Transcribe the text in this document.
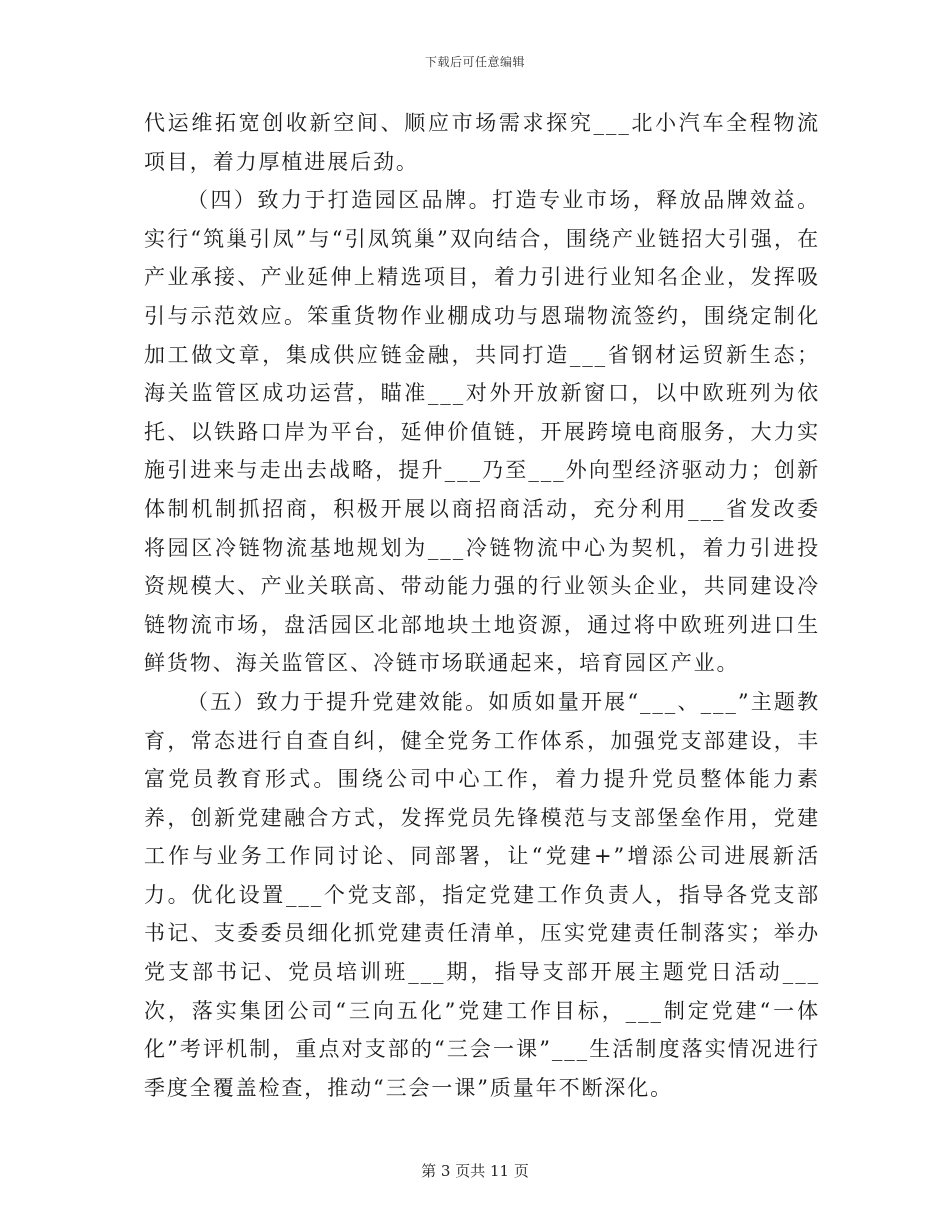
下载后可任意编辑

代运维拓宽创收新空间、顺应市场需求探究___北小汽车全程物流项目，着力厚植进展后劲。

（四）致力于打造园区品牌。打造专业市场，释放品牌效益。实行“筑巢引凤”与“引凤筑巢”双向结合，围绕产业链招大引强，在产业承接、产业延伸上精选项目，着力引进行业知名企业，发挥吸引与示范效应。笨重货物作业棚成功与恩瑞物流签约，围绕定制化加工做文章，集成供应链金融，共同打造___省钢材运贸新生态；海关监管区成功运营，瞄准___对外开放新窗口，以中欧班列为依托、以铁路口岸为平台，延伸价值链，开展跨境电商服务，大力实施引进来与走出去战略，提升___乃至___外向型经济驱动力；创新体制机制抓招商，积极开展以商招商活动，充分利用___省发改委将园区冷链物流基地规划为___冷链物流中心为契机，着力引进投资规模大、产业关联高、带动能力强的行业领头企业，共同建设冷链物流市场，盘活园区北部地块土地资源，通过将中欧班列进口生鲜货物、海关监管区、冷链市场联通起来，培育园区产业。

（五）致力于提升党建效能。如质如量开展“___、___”主题教育，常态进行自查自纠，健全党务工作体系，加强党支部建设，丰富党员教育形式。围绕公司中心工作，着力提升党员整体能力素养，创新党建融合方式，发挥党员先锋模范与支部堡垒作用，党建工作与业务工作同讨论、同部署，让“党建+”增添公司进展新活力。优化设置___个党支部，指定党建工作负责人，指导各党支部书记、支委委员细化抓党建责任清单，压实党建责任制落实；举办党支部书记、党员培训班___期，指导支部开展主题党日活动___次，落实集团公司“三向五化”党建工作目标，___制定党建“一体化”考评机制，重点对支部的“三会一课”___生活制度落实情况进行季度全覆盖检查，推动“三会一课”质量年不断深化。

第 3 页共 11 页
